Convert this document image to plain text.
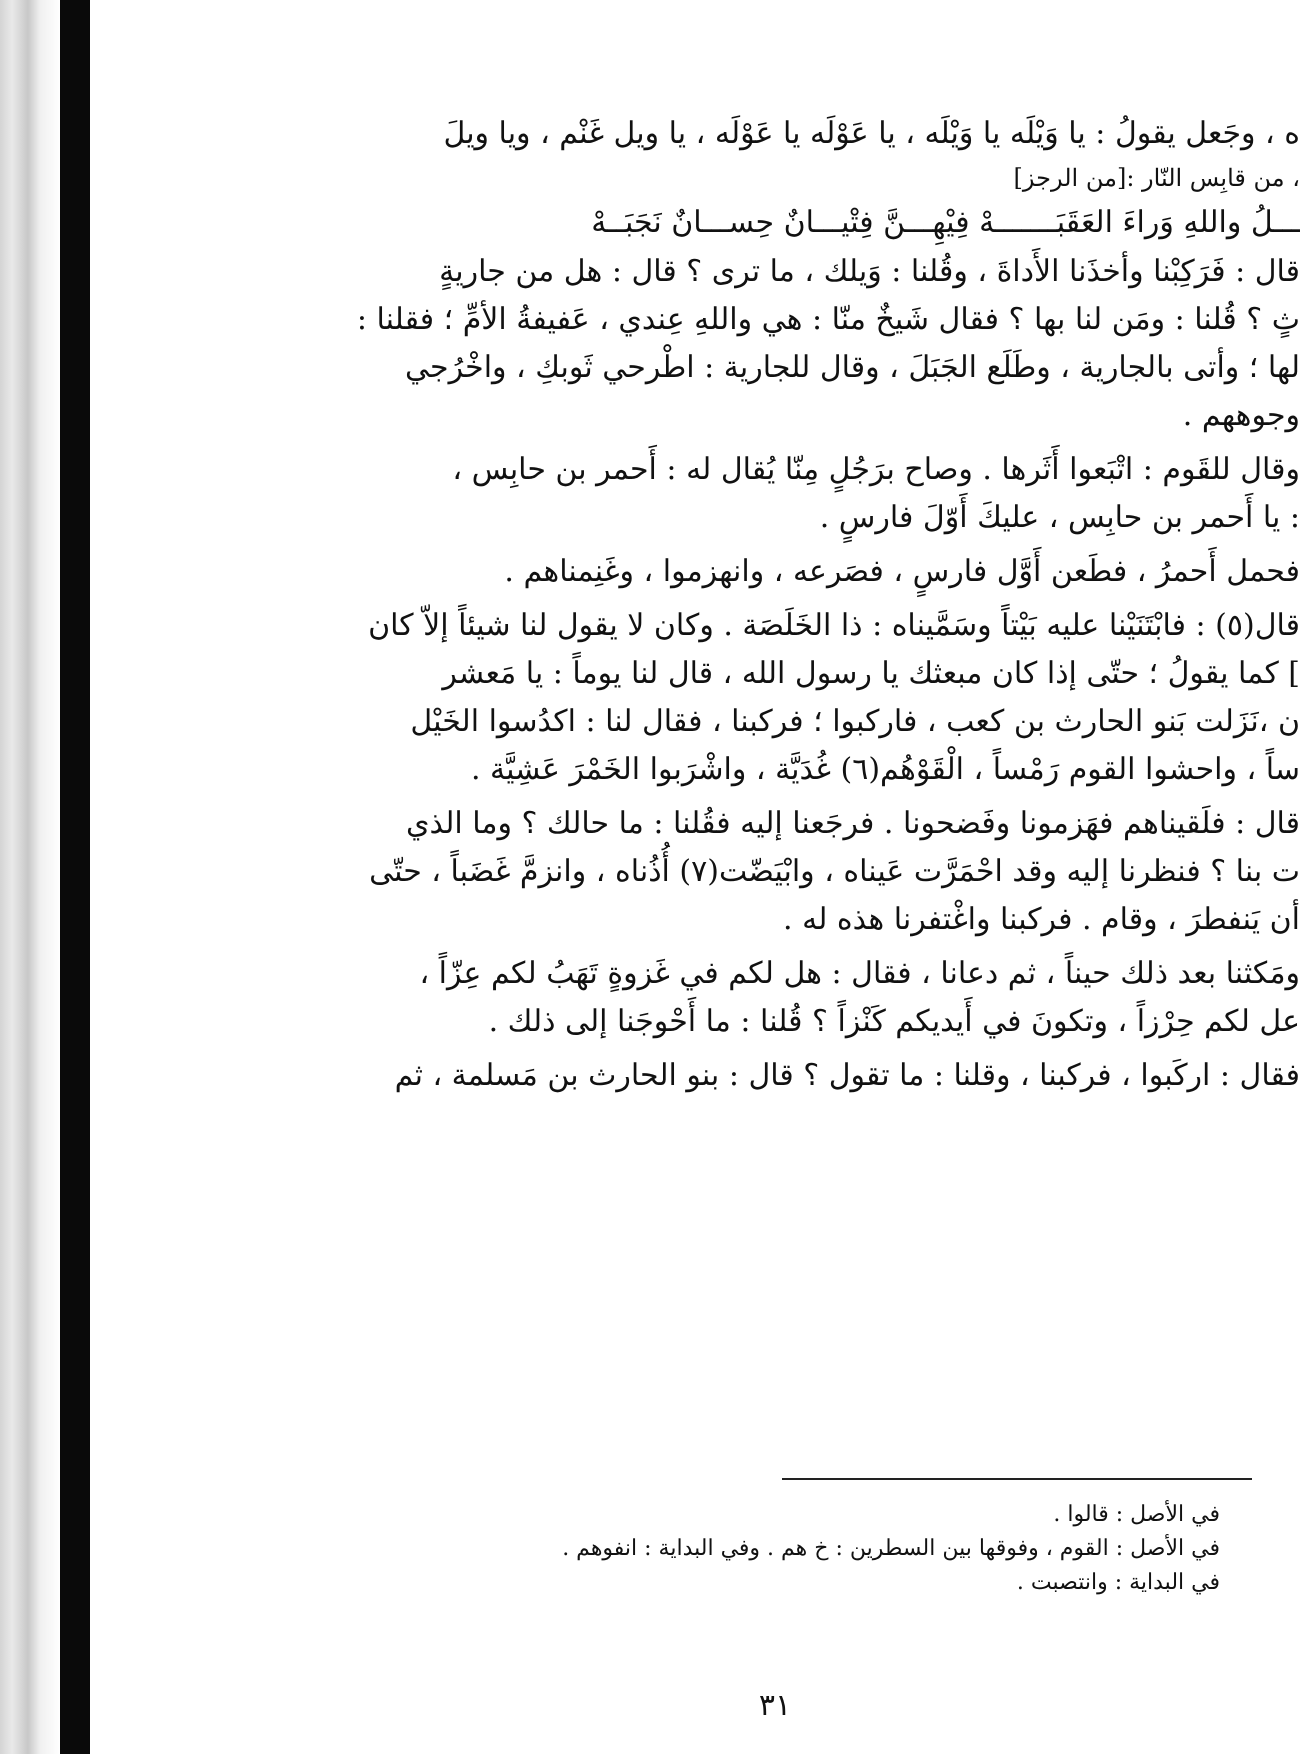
ه ، وجَعل يقولُ : يا وَيْلَه يا وَيْلَه ، يا عَوْلَه يا عَوْلَه ، يا ويل غَنْم ، ويا ويلَ
، من قابِس النّار :[من الرجز]
ـــلُ واللهِ وَراءَ العَقَبَـــــــهْ فِيْهِـــنَّ فِتْيـــانٌ حِســـانٌ نَجَبَــهْ
قال : فَرَكِبْنا وأخذَنا الأَداةَ ، وقُلنا : وَيلك ، ما ترى ؟ قال : هل من جاريةٍ
ثٍ ؟ قُلنا : ومَن لنا بها ؟ فقال شَيخٌ منّا : هي واللهِ عِندي ، عَفيفةُ الأمِّ ؛ فقلنا :
لها ؛ وأتى بالجارية ، وطَلَع الجَبَلَ ، وقال للجارية : اطْرحي ثَوبكِ ، واخْرُجي
وجوههم .
وقال للقَوم : اتْبَعوا أَثَرها . وصاح برَجُلٍ مِنّا يُقال له : أَحمر بن حابِس ،
: يا أَحمر بن حابِس ، عليكَ أَوّلَ فارسٍ .
فحمل أَحمرُ ، فطَعن أَوَّل فارسٍ ، فصَرعه ، وانهزموا ، وغَنِمناهم .
قال(٥) : فابْتَنَيْنا عليه بَيْتاً وسَمَّيناه : ذا الخَلَصَة . وكان لا يقول لنا شيئاً إلاّ كان
] كما يقولُ ؛ حتّى إذا كان مبعثك يا رسول الله ، قال لنا يوماً : يا مَعشر
ن ،نَزَلت بَنو الحارث بن كعب ، فاركبوا ؛ فركبنا ، فقال لنا : اكدُسوا الخَيْل
ساً ، واحشوا القوم رَمْساً ، الْقَوْهُم(٦) غُدَيَّة ، واشْرَبوا الخَمْرَ عَشِيَّة .
قال : فلَقيناهم فهَزمونا وفَضحونا . فرجَعنا إليه فقُلنا : ما حالك ؟ وما الذي
ت بنا ؟ فنظرنا إليه وقد احْمَرَّت عَيناه ، وابْيَضّت(٧) أُذُناه ، وانزمَّ غَضَباً ، حتّى
أن يَنفطرَ ، وقام . فركبنا واغْتفرنا هذه له .
ومَكثنا بعد ذلك حيناً ، ثم دعانا ، فقال : هل لكم في غَزوةٍ تَهَبُ لكم عِزّاً ،
عل لكم حِرْزاً ، وتكونَ في أَيديكم كَنْزاً ؟ قُلنا : ما أَحْوجَنا إلى ذلك .
فقال : اركَبوا ، فركبنا ، وقلنا : ما تقول ؟ قال : بنو الحارث بن مَسلمة ، ثم
في الأصل : قالوا .
في الأصل : القوم ، وفوقها بين السطرين : خ هم . وفي البداية : انفوهم .
في البداية : وانتصبت .
٣١
